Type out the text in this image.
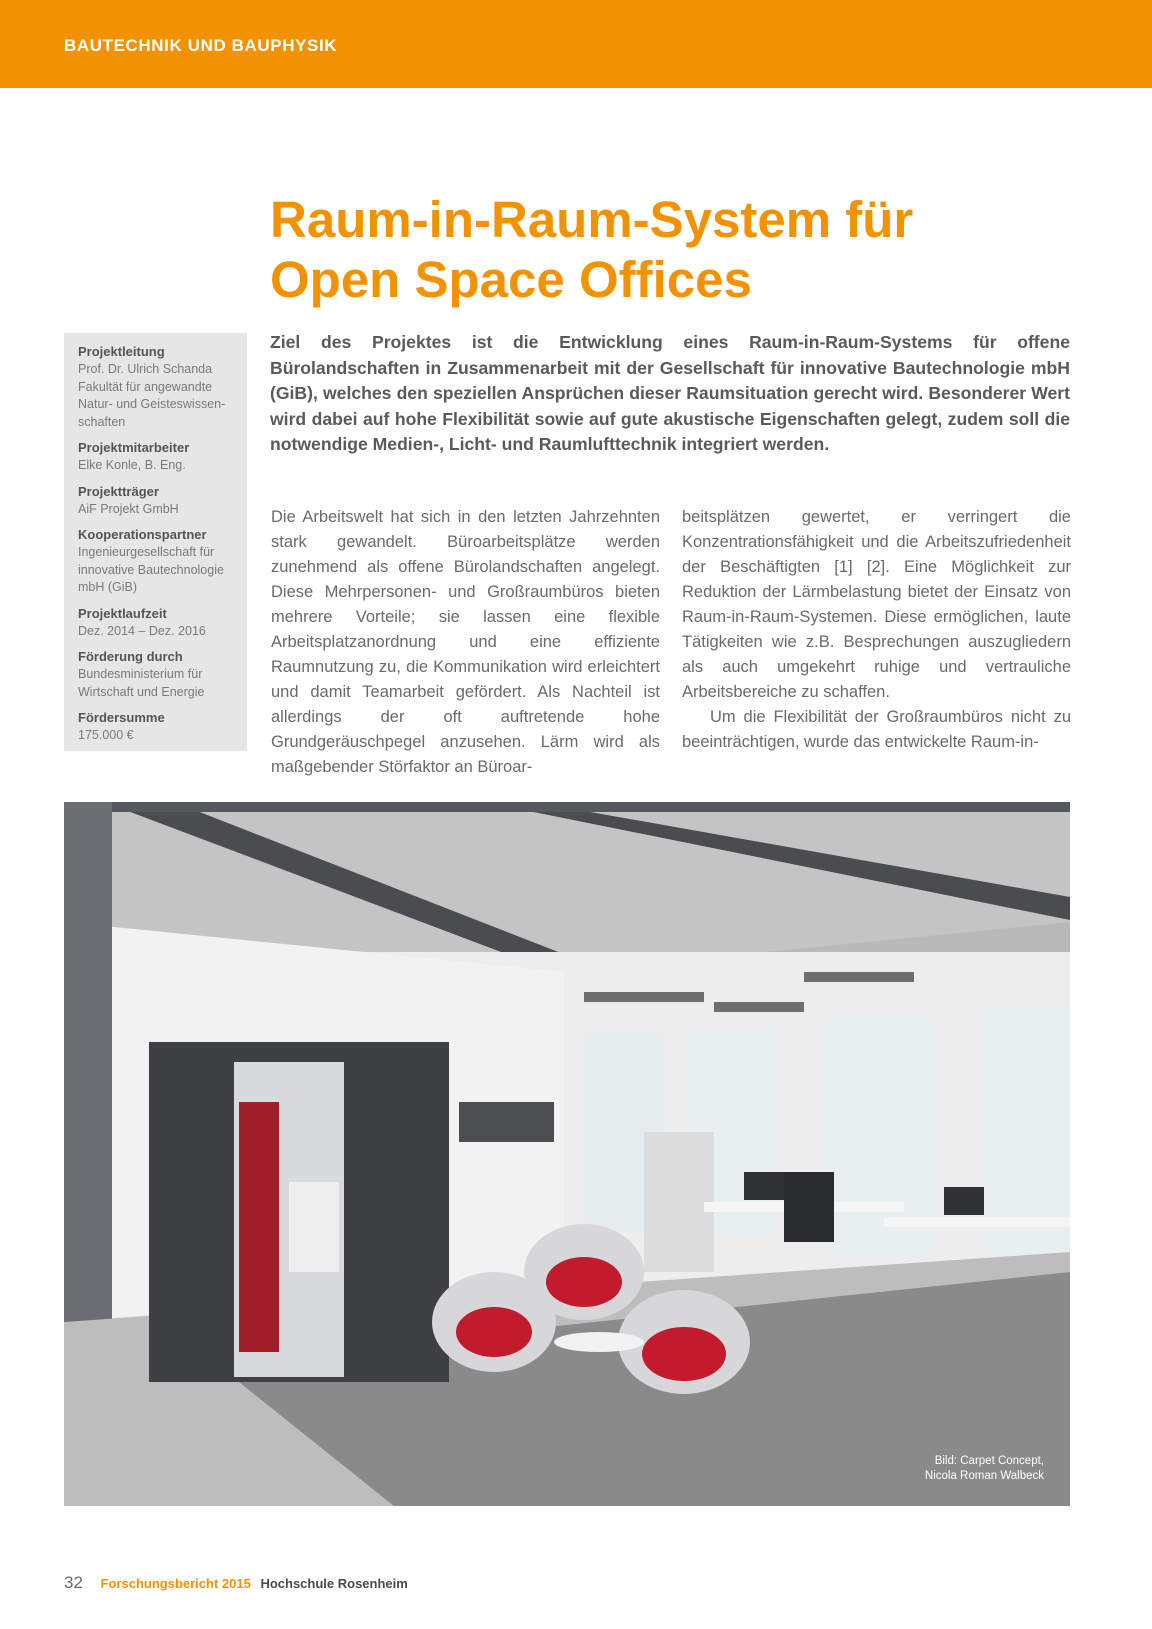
BAUTECHNIK UND BAUPHYSIK
Raum-in-Raum-System für
Open Space Offices
Projektleitung
Prof. Dr. Ulrich Schanda
Fakultät für angewandte
Natur- und Geisteswissen-
schaften
Projektmitarbeiter
Elke Konle, B. Eng.
Projektträger
AiF Projekt GmbH
Kooperationspartner
Ingenieurgesellschaft für
innovative Bautechnologie
mbH (GiB)
Projektlaufzeit
Dez. 2014 – Dez. 2016
Förderung durch
Bundesministerium für
Wirtschaft und Energie
Fördersumme
175.000 €

Ziel des Projektes ist die Entwicklung eines Raum-in-Raum-Systems für offene Bürolandschaften in Zusammenarbeit mit der Gesellschaft für innovative Bautechnologie mbH (GiB), welches den speziellen Ansprüchen dieser Raumsituation gerecht wird. Besonderer Wert wird dabei auf hohe Flexibilität sowie auf gute akustische Eigenschaften gelegt, zudem soll die notwendige Medien-, Licht- und Raumlufttechnik integriert werden.

Die Arbeitswelt hat sich in den letzten Jahrzehnten stark gewandelt. Büroarbeitsplätze werden zunehmend als offene Bürolandschaften angelegt. Diese Mehrpersonen- und Großraumbüros bieten mehrere Vorteile; sie lassen eine flexible Arbeitsplatzanordnung und eine effiziente Raumnutzung zu, die Kommunikation wird erleichtert und damit Teamarbeit gefördert. Als Nachteil ist allerdings der oft auftretende hohe Grundgeräuschpegel anzusehen. Lärm wird als maßgebender Störfaktor an Büroar-

beitsplätzen gewertet, er verringert die Konzentrationsfähigkeit und die Arbeitszufriedenheit der Beschäftigten [1] [2]. Eine Möglichkeit zur Reduktion der Lärmbelastung bietet der Einsatz von Raum-in-Raum-Systemen. Diese ermöglichen, laute Tätigkeiten wie z.B. Besprechungen auszugliedern als auch umgekehrt ruhige und vertrauliche Arbeitsbereiche zu schaffen.

Um die Flexibilität der Großraumbüros nicht zu beeinträchtigen, wurde das entwickelte Raum-in-

Bild: Carpet Concept,
Nicola Roman Walbeck
32 Forschungsbericht 2015 Hochschule Rosenheim
